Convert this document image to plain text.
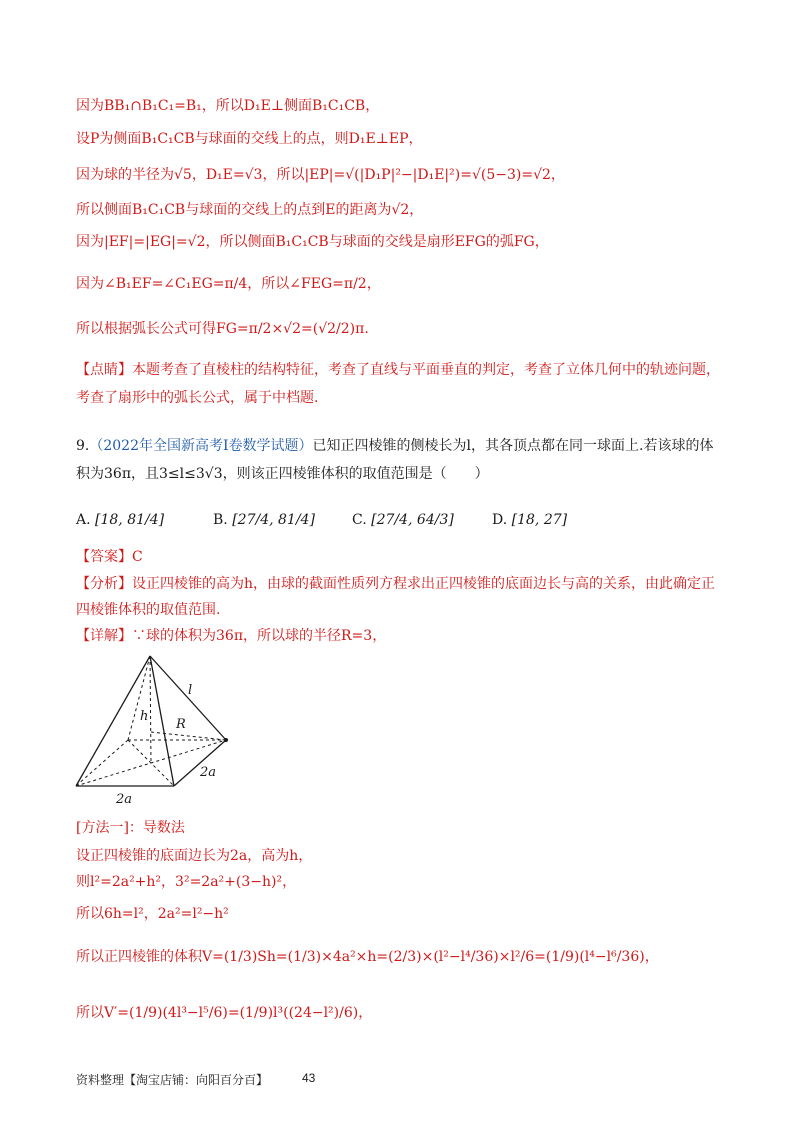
因为BB₁∩B₁C₁=B₁，所以D₁E⊥侧面B₁C₁CB，
设P为侧面B₁C₁CB与球面的交线上的点，则D₁E⊥EP，
因为球的半径为√5，D₁E=√3，所以|EP|=√(|D₁P|²−|D₁E|²)=√(5−3)=√2，
所以侧面B₁C₁CB与球面的交线上的点到E的距离为√2，
因为|EF|=|EG|=√2，所以侧面B₁C₁CB与球面的交线是扇形EFG的弧FG，
因为∠B₁EF=∠C₁EG=π/4，所以∠FEG=π/2，
所以根据弧长公式可得FG=π/2×√2=(√2/2)π.
【点睛】本题考查了直棱柱的结构特征，考查了直线与平面垂直的判定，考查了立体几何中的轨迹问题，
考查了扇形中的弧长公式，属于中档题.
9.（2022年全国新高考I卷数学试题）已知正四棱锥的侧棱长为l，其各顶点都在同一球面上.若该球的体
积为36π，且3≤l≤3√3，则该正四棱锥体积的取值范围是（　　）
A. [18, 81/4]	B. [27/4, 81/4]	C. [27/4, 64/3]	D. [18, 27]
【答案】C
【分析】设正四棱锥的高为h，由球的截面性质列方程求出正四棱锥的底面边长与高的关系，由此确定正
四棱锥体积的取值范围.
【详解】∵球的体积为36π，所以球的半径R=3，
l
h
R
2a
2a
[方法一]：导数法
设正四棱锥的底面边长为2a，高为h，
则l²=2a²+h²，3²=2a²+(3−h)²，
所以6h=l²，2a²=l²−h²
所以正四棱锥的体积V=(1/3)Sh=(1/3)×4a²×h=(2/3)×(l²−l⁴/36)×l²/6=(1/9)(l⁴−l⁶/36)，
所以V′=(1/9)(4l³−l⁵/6)=(1/9)l³((24−l²)/6)，
资料整理【淘宝店铺：向阳百分百】	43
